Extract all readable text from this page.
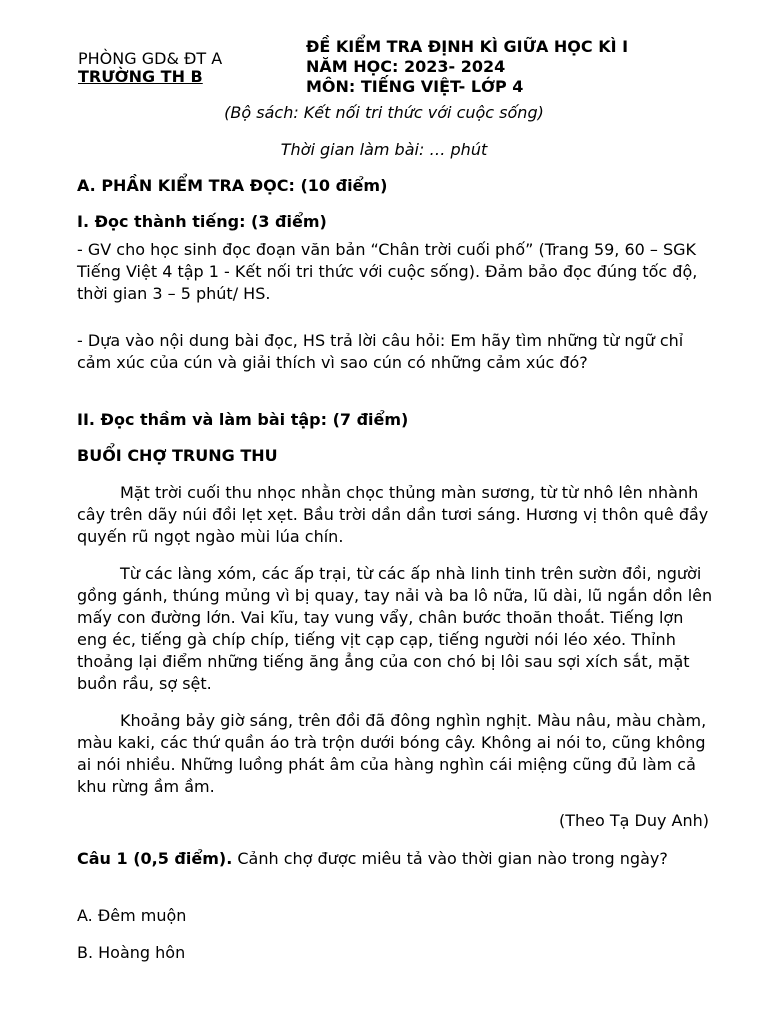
PHÒNG GD& ĐT A
TRƯỜNG TH B
ĐỀ KIỂM TRA ĐỊNH KÌ GIỮA HỌC KÌ I
NĂM HỌC: 2023- 2024
MÔN: TIẾNG VIỆT- LỚP 4
(Bộ sách: Kết nối tri thức với cuộc sống)
Thời gian làm bài: … phút
A. PHẦN KIỂM TRA ĐỌC: (10 điểm)
I. Đọc thành tiếng: (3 điểm)
- GV cho học sinh đọc đoạn văn bản “Chân trời cuối phố” (Trang 59, 60 – SGK Tiếng Việt 4 tập 1 - Kết nối tri thức với cuộc sống). Đảm bảo đọc đúng tốc độ, thời gian 3 – 5 phút/ HS.
- Dựa vào nội dung bài đọc, HS trả lời câu hỏi: Em hãy tìm những từ ngữ chỉ cảm xúc của cún và giải thích vì sao cún có những cảm xúc đó?
II. Đọc thầm và làm bài tập: (7 điểm)
BUỔI CHỢ TRUNG THU
Mặt trời cuối thu nhọc nhằn chọc thủng màn sương, từ từ nhô lên nhành cây trên dãy núi đồi lẹt xẹt. Bầu trời dần dần tươi sáng. Hương vị thôn quê đầy quyến rũ ngọt ngào mùi lúa chín.
Từ các làng xóm, các ấp trại, từ các ấp nhà linh tinh trên sườn đồi, người gồng gánh, thúng mủng vì bị quay, tay nải và ba lô nữa, lũ dài, lũ ngắn dồn lên mấy con đường lớn. Vai kĩu, tay vung vẩy, chân bước thoăn thoắt. Tiếng lợn eng éc, tiếng gà chíp chíp, tiếng vịt cạp cạp, tiếng người nói léo xéo. Thỉnh thoảng lại điểm những tiếng ăng ẳng của con chó bị lôi sau sợi xích sắt, mặt buồn rầu, sợ sệt.
Khoảng bảy giờ sáng, trên đồi đã đông nghìn nghịt. Màu nâu, màu chàm, màu kaki, các thứ quần áo trà trộn dưới bóng cây. Không ai nói to, cũng không ai nói nhiều. Những luồng phát âm của hàng nghìn cái miệng cũng đủ làm cả khu rừng ầm ầm.
(Theo Tạ Duy Anh)
Câu 1 (0,5 điểm). Cảnh chợ được miêu tả vào thời gian nào trong ngày?
A. Đêm muộn
B. Hoàng hôn
